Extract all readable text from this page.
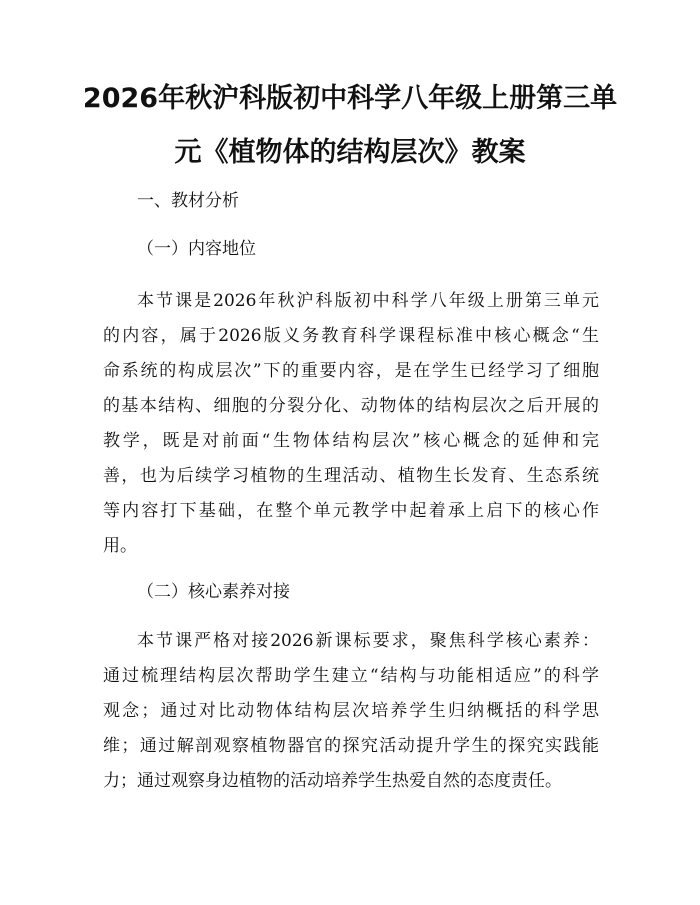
2026年秋沪科版初中科学八年级上册第三单
元《植物体的结构层次》教案
一、教材分析
（一）内容地位
本节课是2026年秋沪科版初中科学八年级上册第三单元
的内容，属于2026版义务教育科学课程标准中核心概念“生
命系统的构成层次”下的重要内容，是在学生已经学习了细胞
的基本结构、细胞的分裂分化、动物体的结构层次之后开展的
教学，既是对前面“生物体结构层次”核心概念的延伸和完
善，也为后续学习植物的生理活动、植物生长发育、生态系统
等内容打下基础，在整个单元教学中起着承上启下的核心作
用。
（二）核心素养对接
本节课严格对接2026新课标要求，聚焦科学核心素养：
通过梳理结构层次帮助学生建立“结构与功能相适应”的科学
观念；通过对比动物体结构层次培养学生归纳概括的科学思
维；通过解剖观察植物器官的探究活动提升学生的探究实践能
力；通过观察身边植物的活动培养学生热爱自然的态度责任。
